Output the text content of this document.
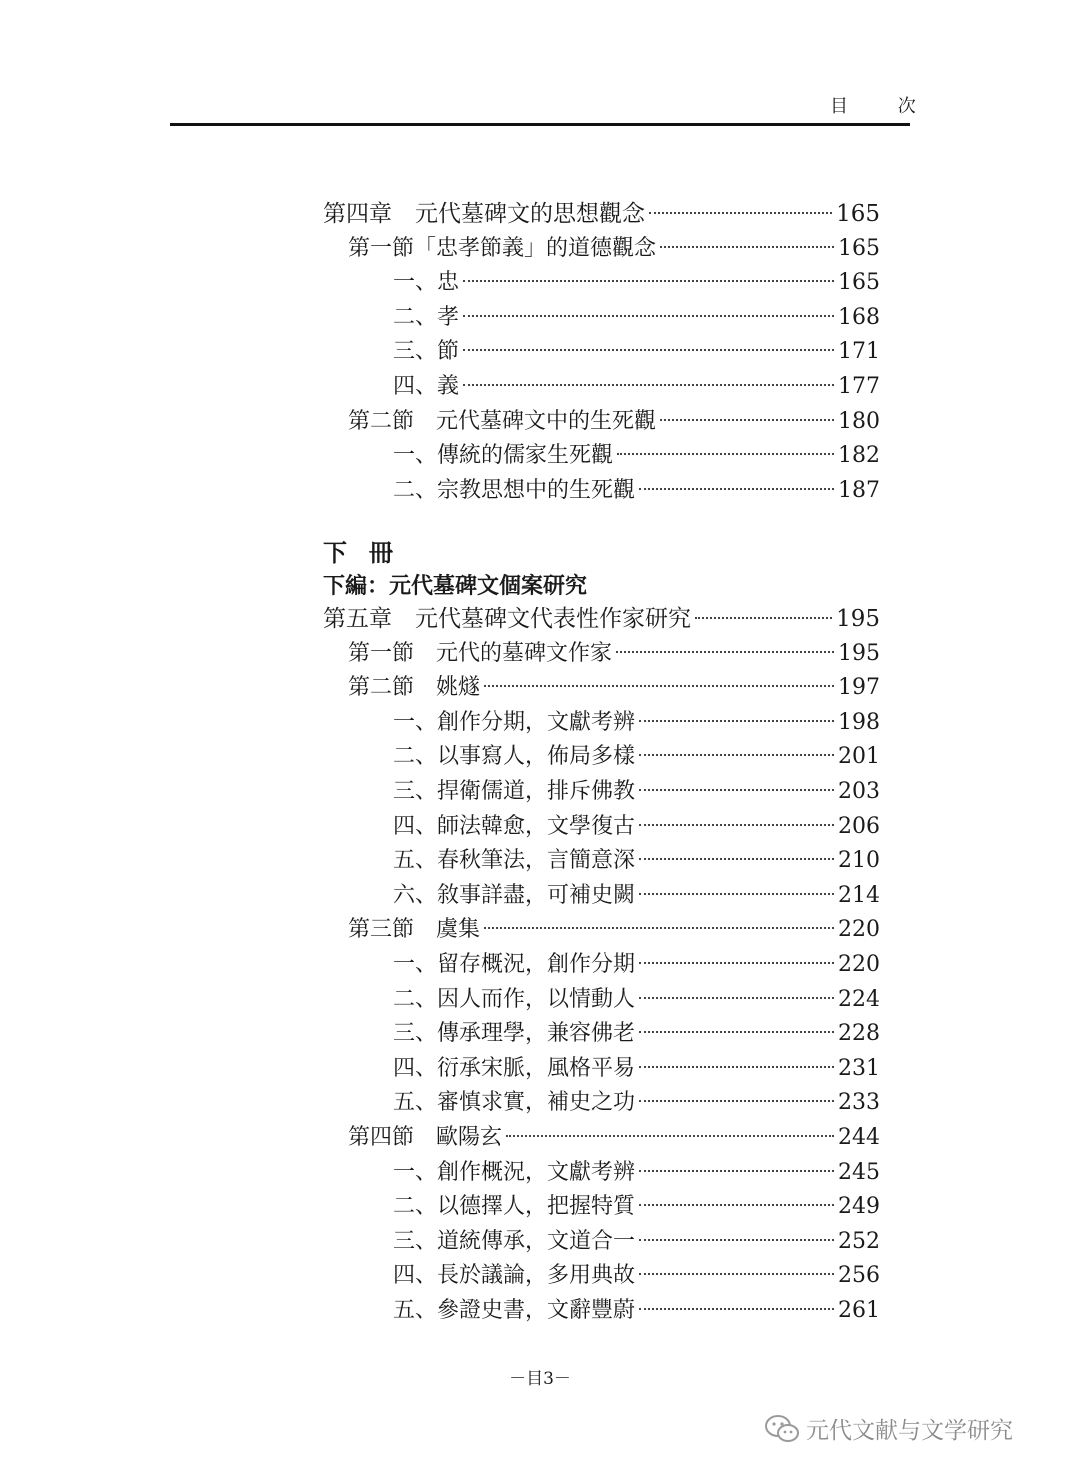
目 次
第四章　元代墓碑文的思想觀念	165
第一節「忠孝節義」的道德觀念	165
一、忠	165
二、孝	168
三、節	171
四、義	177
第二節　元代墓碑文中的生死觀	180
一、傳統的儒家生死觀	182
二、宗教思想中的生死觀	187
第五章　元代墓碑文代表性作家研究	195
第一節　元代的墓碑文作家	195
第二節　姚燧	197
一、創作分期，文獻考辨	198
二、以事寫人，佈局多樣	201
三、捍衛儒道，排斥佛教	203
四、師法韓愈，文學復古	206
五、春秋筆法，言簡意深	210
六、敘事詳盡，可補史闕	214
第三節　虞集	220
一、留存概況，創作分期	220
二、因人而作，以情動人	224
三、傳承理學，兼容佛老	228
四、衍承宋脈，風格平易	231
五、審慎求實，補史之功	233
第四節　歐陽玄	244
一、創作概況，文獻考辨	245
二、以德擇人，把握特質	249
三、道統傳承，文道合一	252
四、長於議論，多用典故	256
五、參證史書，文辭豐蔚	261
下冊
下編：元代墓碑文個案研究
－目3－
元代文献与文学研究
